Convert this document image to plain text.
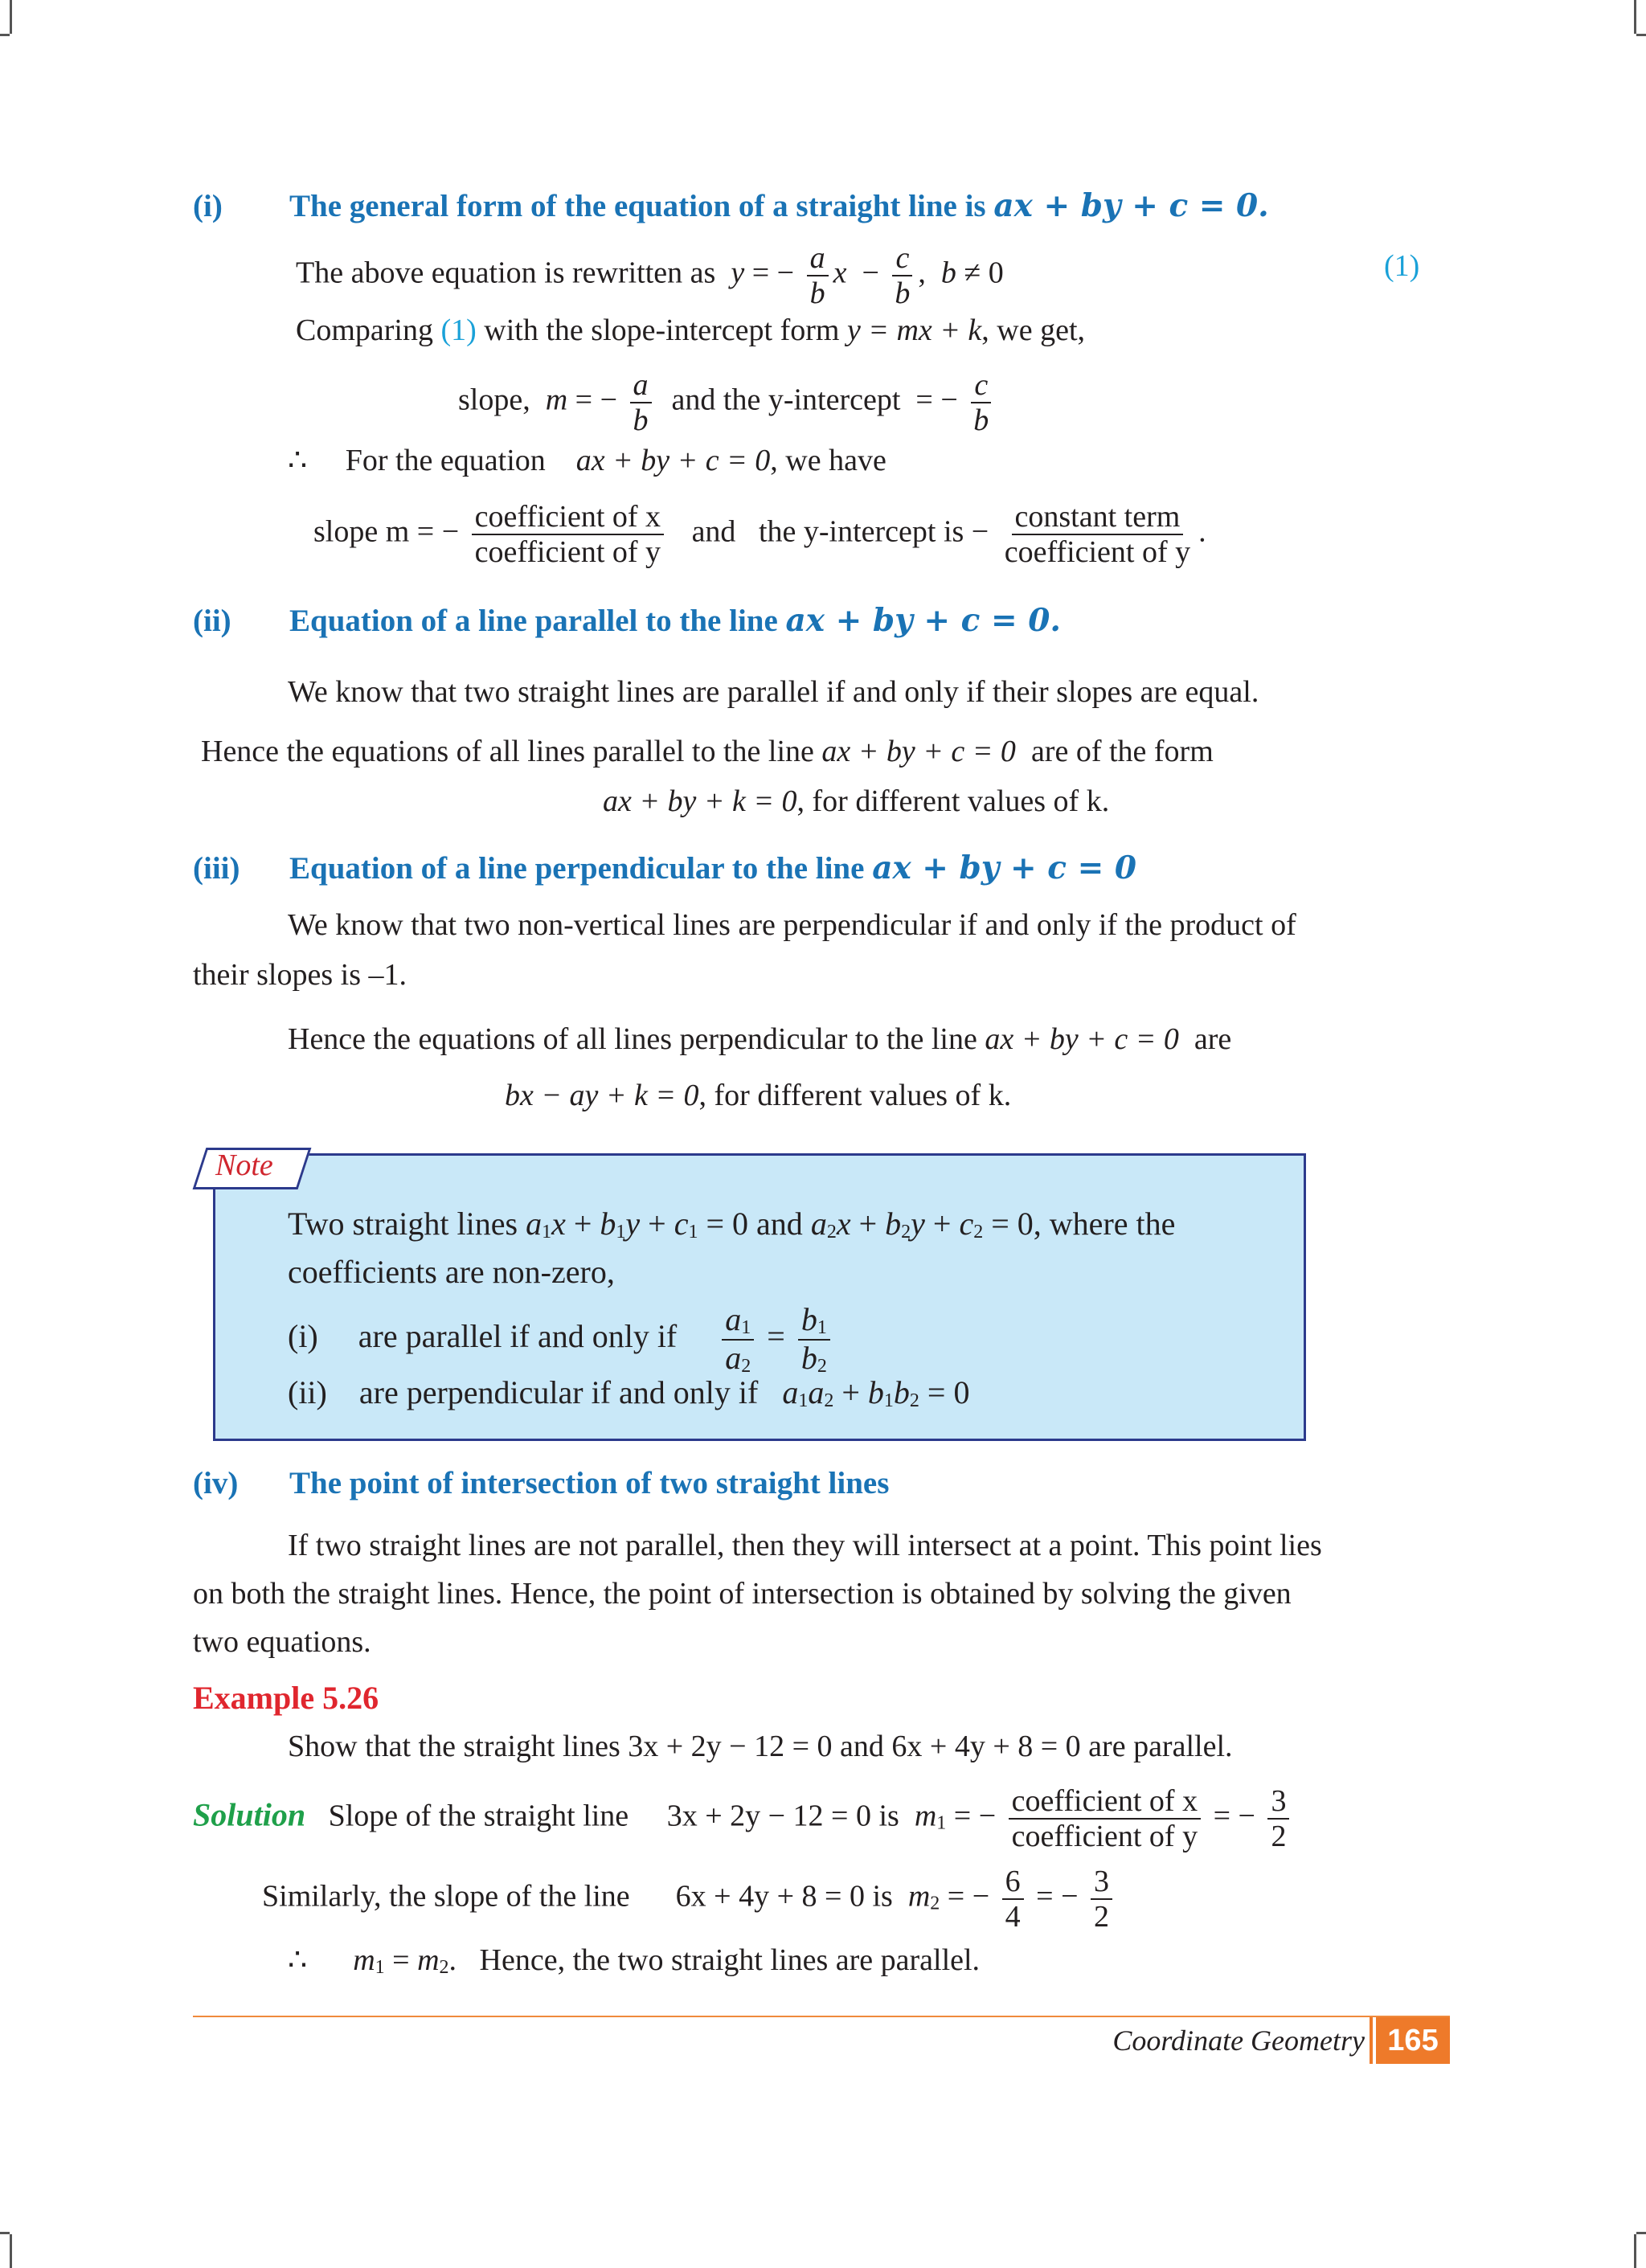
(i) The general form of the equation of a straight line is ax + by + c = 0.
The above equation is rewritten as y = − $\frac{a}{b}$ $x - \frac{c}{b}$ ,  b ≠ 0	(1)
Comparing (1) with the slope-intercept form y = mx + k, we get,
slope, m = − $\frac{a}{b}$ and the y-intercept  = − $\frac{c}{b}$
∴ For the equation ax + by + c = 0, we have
slope m = − $\frac{\text{coefficient of x}}{\text{coefficient of y}}$ and the y-intercept is − $\frac{\text{constant term}}{\text{coefficient of y}}$ .
(ii) Equation of a line parallel to the line ax + by + c = 0.
We know that two straight lines are parallel if and only if their slopes are equal.
Hence the equations of all lines parallel to the line ax + by + c = 0 are of the form
ax + by + k = 0, for different values of k.
(iii) Equation of a line perpendicular to the line ax + by + c = 0
We know that two non-vertical lines are perpendicular if and only if the product of
their slopes is –1.
Hence the equations of all lines perpendicular to the line ax + by + c = 0 are
bx − ay + k = 0, for different values of k.
Note
Two straight lines a1x + b1y + c1 = 0 and a2x + b2y + c2 = 0, where the
coefficients are non-zero,
(i) are parallel if and only if $\frac{a1}{a2} = \frac{b1}{b2}$
(ii) are perpendicular if and only if a1a2 + b1b2 = 0
(iv) The point of intersection of two straight lines
If two straight lines are not parallel, then they will intersect at a point. This point lies
on both the straight lines. Hence, the point of intersection is obtained by solving the given
two equations.
Example 5.26
Show that the straight lines 3x + 2y − 12 = 0 and 6x + 4y + 8 = 0 are parallel.
Solution Slope of the straight line 3x + 2y − 12 = 0 is m1 = − $\frac{\text{coefficient of x}}{\text{coefficient of y}}$ = − $\frac{3}{2}$
Similarly, the slope of the line 6x + 4y + 8 = 0 is m2 = − $\frac{6}{4}$ = − $\frac{3}{2}$
∴      m1 = m2.   Hence, the two straight lines are parallel.
Coordinate Geometry 165
